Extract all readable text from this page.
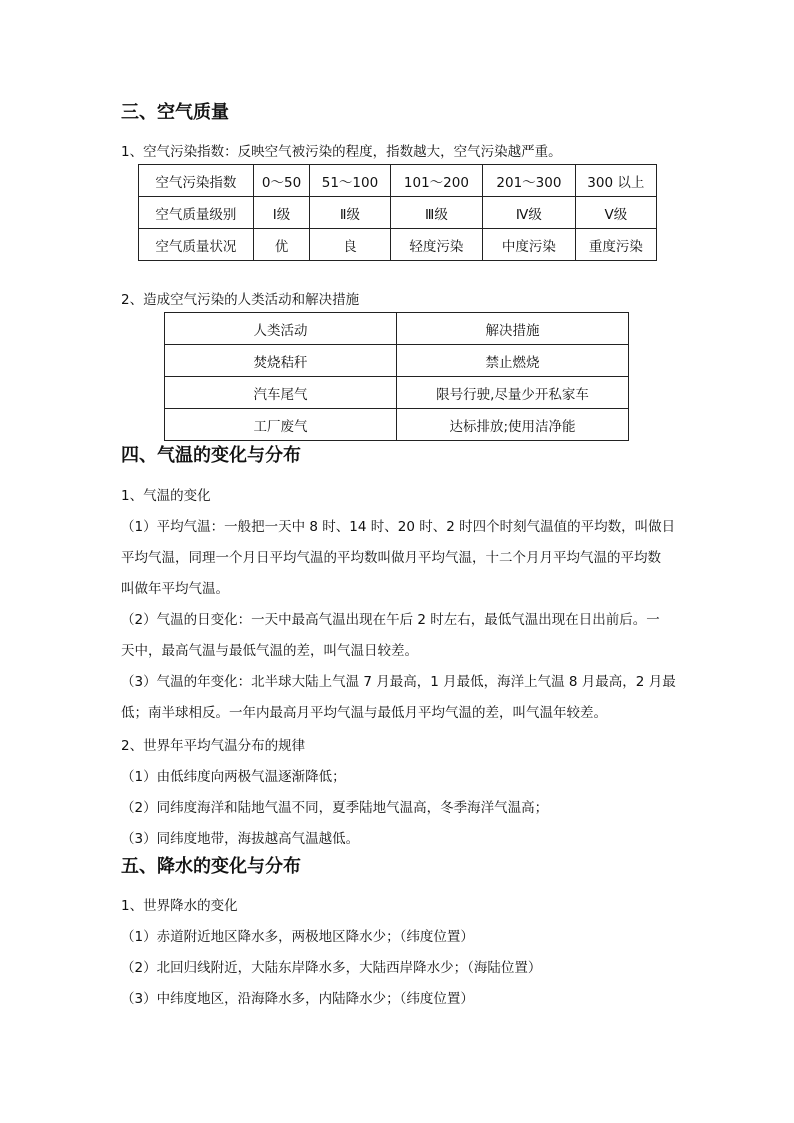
三、空气质量

1、空气污染指数：反映空气被污染的程度，指数越大，空气污染越严重。

空气污染指数	0～50	51～100	101～200	201～300	300 以上
空气质量级别	Ⅰ级	Ⅱ级	Ⅲ级	Ⅳ级	Ⅴ级
空气质量状况	优	良	轻度污染	中度污染	重度污染

2、造成空气污染的人类活动和解决措施

人类活动	解决措施
焚烧秸秆	禁止燃烧
汽车尾气	限号行驶,尽量少开私家车
工厂废气	达标排放;使用洁净能
四、气温的变化与分布

1、气温的变化

（1）平均气温：一般把一天中 8 时、14 时、20 时、2 时四个时刻气温值的平均数，叫做日

平均气温，同理一个月日平均气温的平均数叫做月平均气温，十二个月月平均气温的平均数

叫做年平均气温。

（2）气温的日变化：一天中最高气温出现在午后 2 时左右，最低气温出现在日出前后。一

天中，最高气温与最低气温的差，叫气温日较差。

（3）气温的年变化：北半球大陆上气温 7 月最高，1 月最低，海洋上气温 8 月最高，2 月最

低；南半球相反。一年内最高月平均气温与最低月平均气温的差，叫气温年较差。

2、世界年平均气温分布的规律

（1）由低纬度向两极气温逐渐降低；

（2）同纬度海洋和陆地气温不同，夏季陆地气温高，冬季海洋气温高；

（3）同纬度地带，海拔越高气温越低。

五、降水的变化与分布

1、世界降水的变化

（1）赤道附近地区降水多，两极地区降水少；（纬度位置）

（2）北回归线附近，大陆东岸降水多，大陆西岸降水少；（海陆位置）

（3）中纬度地区，沿海降水多，内陆降水少；（纬度位置）
